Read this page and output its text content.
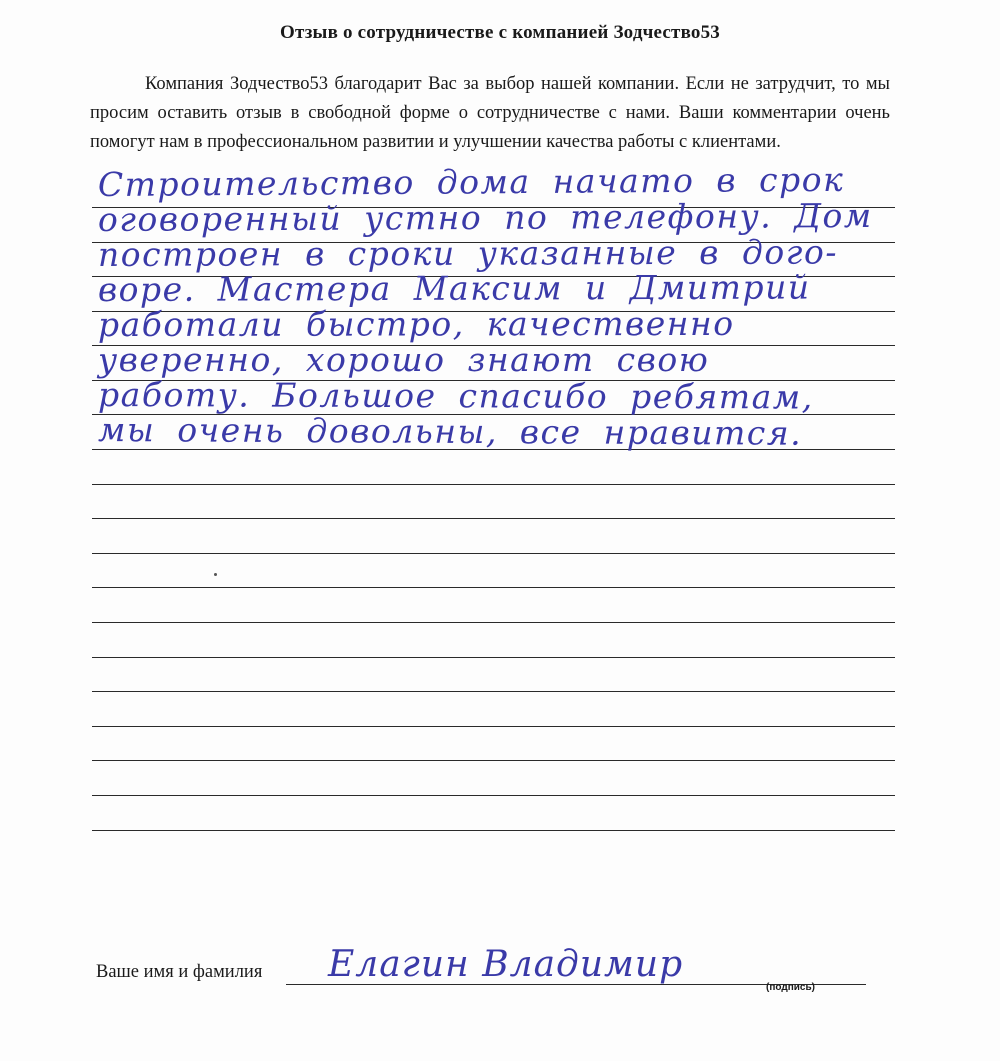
Отзыв о сотрудничестве с компанией Зодчество53
Компания Зодчество53 благодарит Вас за выбор нашей компании. Если не затрудчит, то мы просим оставить отзыв в свободной форме о сотрудничестве с нами. Ваши комментарии очень помогут нам в профессиональном развитии и улучшении качества работы с клиентами.
Строительство дома начато в срок
оговоренный устно по телефону. Дом
построен в сроки указанные в дого-
воре. Мастера Максим и Дмитрий
работали быстро, качественно
уверенно, хорошо знают свою
работу. Большое спасибо ребятам,
мы очень довольны, все нравится.
Ваше имя и фамилия Елагин Владимир
(подпись)
